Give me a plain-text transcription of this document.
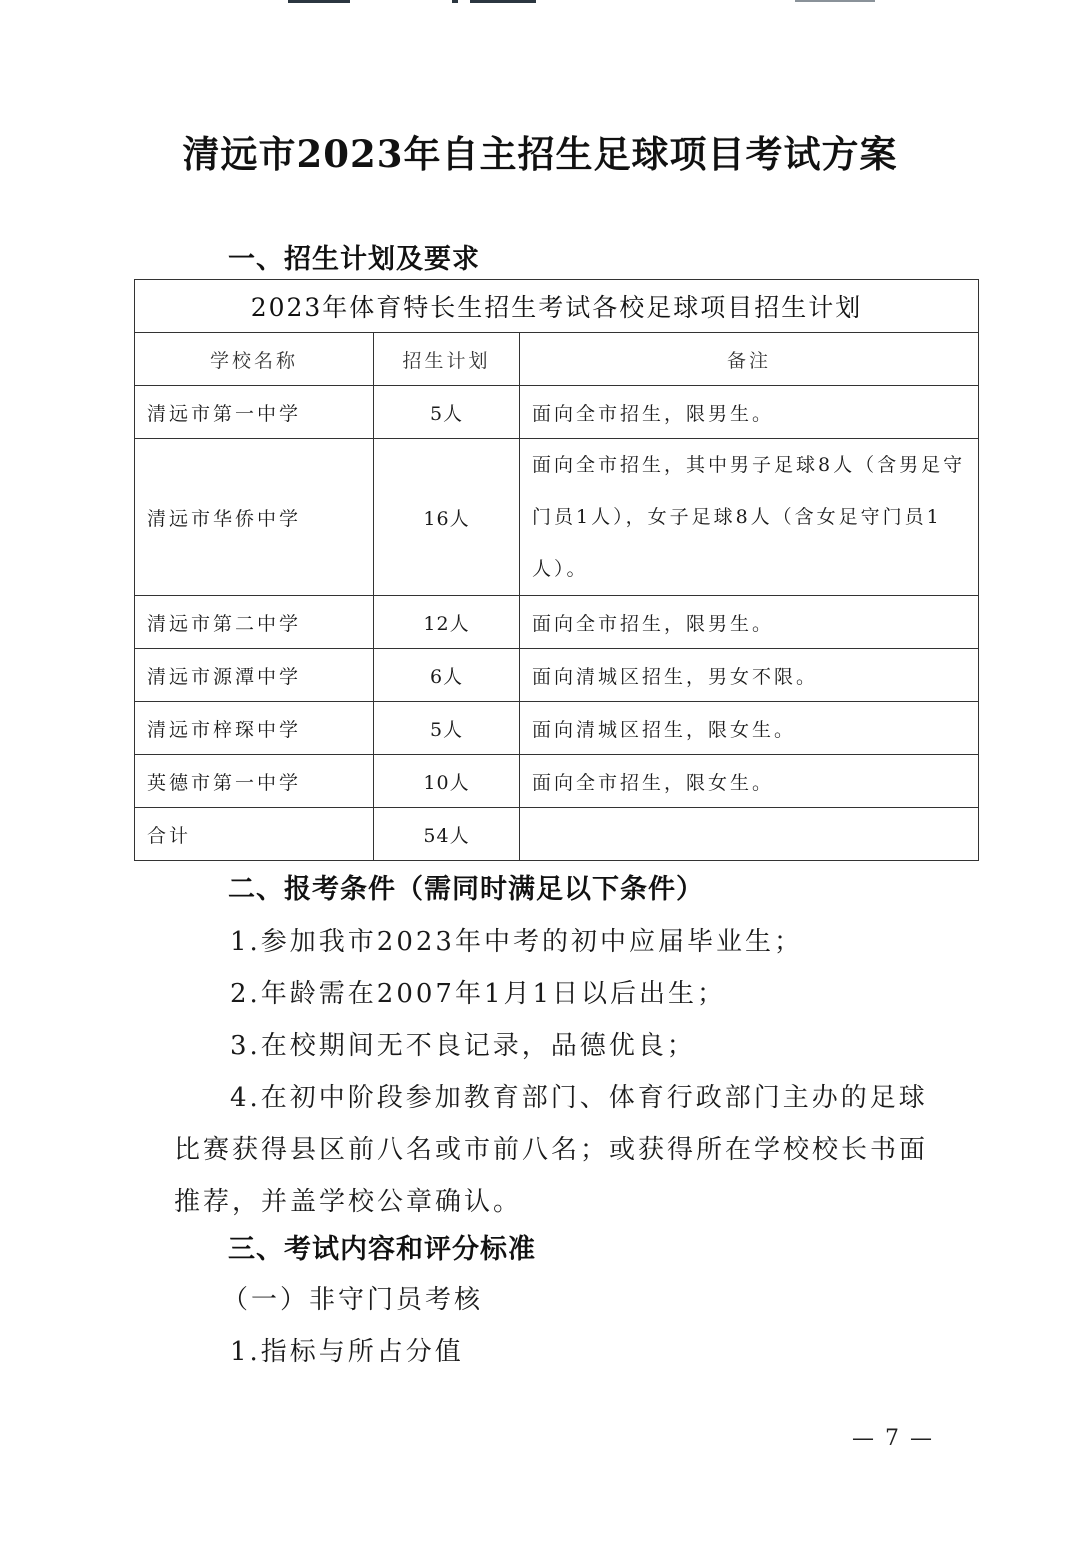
清远市2023年自主招生足球项目考试方案
一、招生计划及要求
2023年体育特长生招生考试各校足球项目招生计划		
学校名称	招生计划	备注
清远市第一中学	5人	面向全市招生，限男生。
清远市华侨中学	16人	面向全市招生，其中男子足球8人（含男足守门员1人），女子足球8人（含女足守门员1人）。
清远市第二中学	12人	面向全市招生，限男生。
清远市源潭中学	6人	面向清城区招生，男女不限。
清远市梓琛中学	5人	面向清城区招生，限女生。
英德市第一中学	10人	面向全市招生，限女生。
合计	54人	
二、报考条件（需同时满足以下条件）
1.参加我市2023年中考的初中应届毕业生；
2.年龄需在2007年1月1日以后出生；
3.在校期间无不良记录，品德优良；
4.在初中阶段参加教育部门、体育行政部门主办的足球比赛获得县区前八名或市前八名；或获得所在学校校长书面推荐，并盖学校公章确认。
三、考试内容和评分标准
（一）非守门员考核
1.指标与所占分值
— 7 —
